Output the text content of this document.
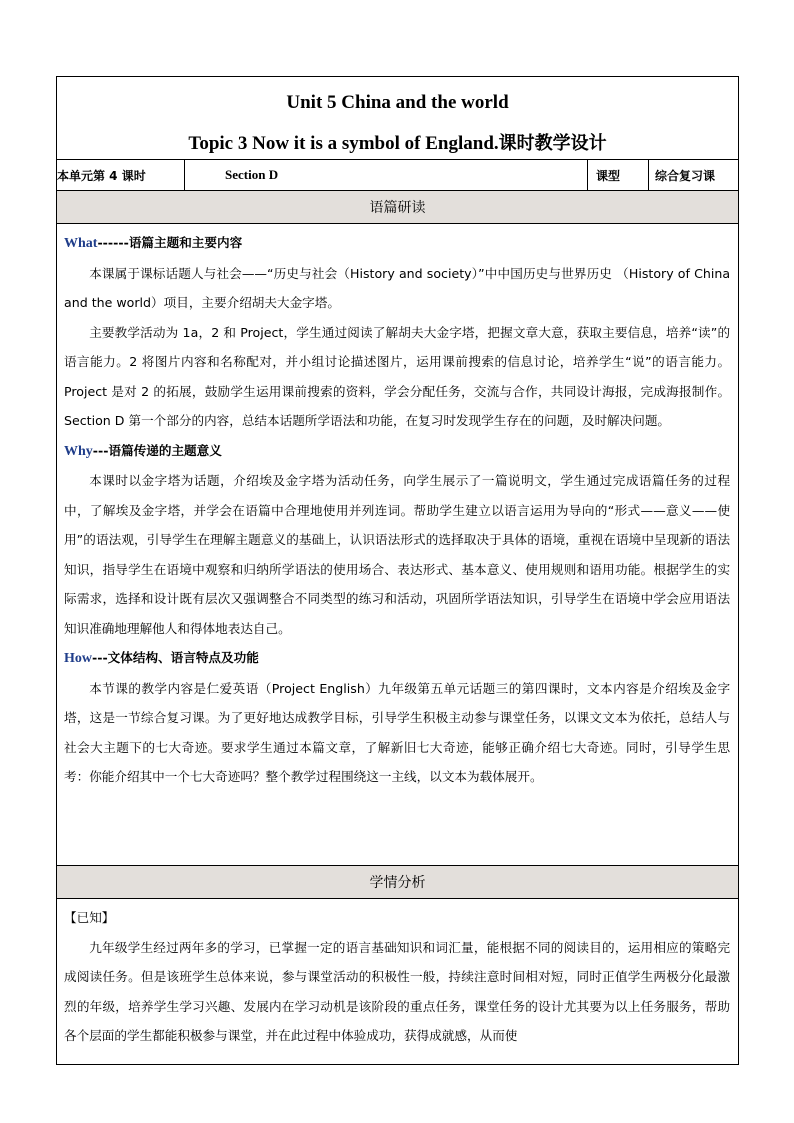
Unit 5 China and the world
Topic 3 Now it is a symbol of England.课时教学设计

本单元第 4 课时	Section D	课型	综合复习课
语篇研读

What------语篇主题和主要内容

本课属于课标话题人与社会——“历史与社会（History and society）”中中国历史与世界历史 （History of China and the world）项目，主要介绍胡夫大金字塔。

主要教学活动为 1a，2 和 Project，学生通过阅读了解胡夫大金字塔，把握文章大意，获取主要信息，培养“读”的语言能力。2 将图片内容和名称配对，并小组讨论描述图片，运用课前搜索的信息讨论，培养学生“说”的语言能力。Project 是对 2 的拓展，鼓励学生运用课前搜索的资料，学会分配任务，交流与合作，共同设计海报，完成海报制作。Section D 第一个部分的内容，总结本话题所学语法和功能，在复习时发现学生存在的问题，及时解决问题。

Why---语篇传递的主题意义

本课时以金字塔为话题，介绍埃及金字塔为活动任务，向学生展示了一篇说明文，学生通过完成语篇任务的过程中，了解埃及金字塔，并学会在语篇中合理地使用并列连词。帮助学生建立以语言运用为导向的“形式——意义——使用”的语法观，引导学生在理解主题意义的基础上，认识语法形式的选择取决于具体的语境，重视在语境中呈现新的语法知识，指导学生在语境中观察和归纳所学语法的使用场合、表达形式、基本意义、使用规则和语用功能。根据学生的实际需求，选择和设计既有层次又强调整合不同类型的练习和活动，巩固所学语法知识，引导学生在语境中学会应用语法知识准确地理解他人和得体地表达自己。

How---文体结构、语言特点及功能

本节课的教学内容是仁爱英语（Project English）九年级第五单元话题三的第四课时，文本内容是介绍埃及金字塔，这是一节综合复习课。为了更好地达成教学目标，引导学生积极主动参与课堂任务，以课文文本为依托，总结人与社会大主题下的七大奇迹。要求学生通过本篇文章，了解新旧七大奇迹，能够正确介绍七大奇迹。同时，引导学生思考：你能介绍其中一个七大奇迹吗？整个教学过程围绕这一主线，以文本为载体展开。

学情分析

【已知】

九年级学生经过两年多的学习，已掌握一定的语言基础知识和词汇量，能根据不同的阅读目的，运用相应的策略完成阅读任务。但是该班学生总体来说，参与课堂活动的积极性一般，持续注意时间相对短，同时正值学生两极分化最激烈的年级，培养学生学习兴趣、发展内在学习动机是该阶段的重点任务，课堂任务的设计尤其要为以上任务服务，帮助各个层面的学生都能积极参与课堂，并在此过程中体验成功，获得成就感，从而使
